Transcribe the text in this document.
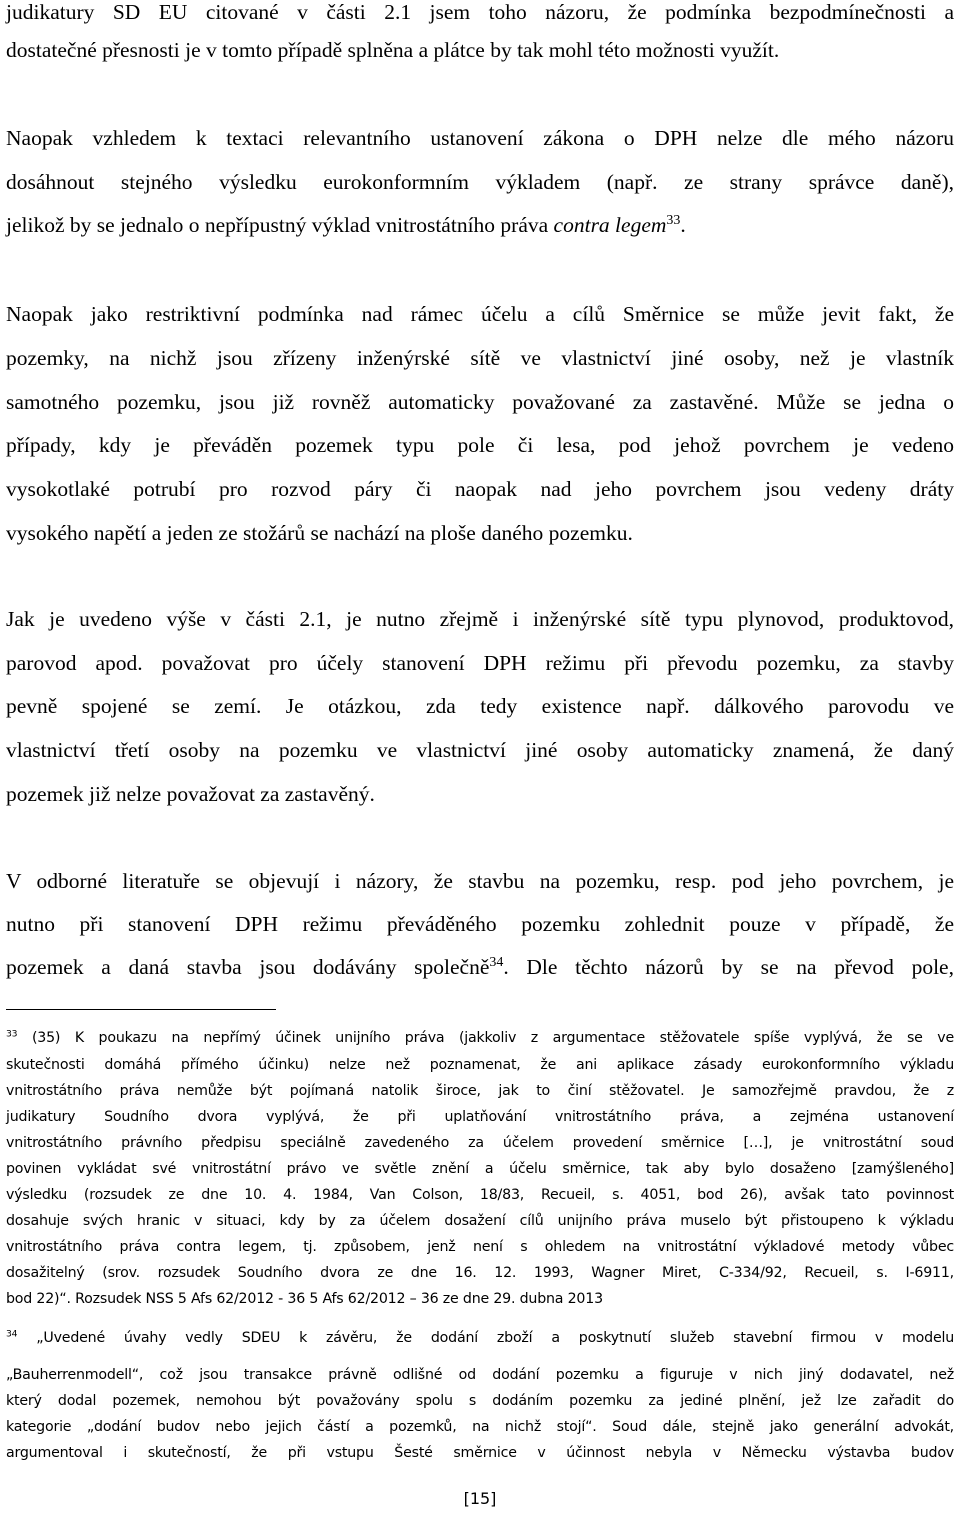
judikatury SD EU citované v části 2.1 jsem toho názoru, že podmínka bezpodmínečnosti a
dostatečné přesnosti je v tomto případě splněna a plátce by tak mohl této možnosti využít.
Naopak vzhledem k textaci relevantního ustanovení zákona o DPH nelze dle mého názoru
dosáhnout stejného výsledku eurokonformním výkladem (např. ze strany správce daně),
jelikož by se jednalo o nepřípustný výklad vnitrostátního práva contra legem$^{33}$.
Naopak jako restriktivní podmínka nad rámec účelu a cílů Směrnice se může jevit fakt, že
pozemky, na nichž jsou zřízeny inženýrské sítě ve vlastnictví jiné osoby, než je vlastník
samotného pozemku, jsou již rovněž automaticky považované za zastavěné. Může se jedna o
případy, kdy je převáděn pozemek typu pole či lesa, pod jehož povrchem je vedeno
vysokotlaké potrubí pro rozvod páry či naopak nad jeho povrchem jsou vedeny dráty
vysokého napětí a jeden ze stožárů se nachází na ploše daného pozemku.
Jak je uvedeno výše v části 2.1, je nutno zřejmě i inženýrské sítě typu plynovod, produktovod,
parovod apod. považovat pro účely stanovení DPH režimu při převodu pozemku, za stavby
pevně spojené se zemí. Je otázkou, zda tedy existence např. dálkového parovodu ve
vlastnictví třetí osoby na pozemku ve vlastnictví jiné osoby automaticky znamená, že daný
pozemek již nelze považovat za zastavěný.
V odborné literatuře se objevují i názory, že stavbu na pozemku, resp. pod jeho povrchem, je
nutno při stanovení DPH režimu převáděného pozemku zohlednit pouze v případě, že
pozemek a daná stavba jsou dodávány společně$^{34}$. Dle těchto názorů by se na převod pole,
$^{33}$ (35) K poukazu na nepřímý účinek unijního práva (jakkoliv z argumentace stěžovatele spíše vyplývá, že se ve
skutečnosti domáhá přímého účinku) nelze než poznamenat, že ani aplikace zásady eurokonformního výkladu
vnitrostátního práva nemůže být pojímaná natolik široce, jak to činí stěžovatel. Je samozřejmě pravdou, že z
judikatury Soudního dvora vyplývá, že při uplatňování vnitrostátního práva, a zejména ustanovení
vnitrostátního právního předpisu speciálně zavedeného za účelem provedení směrnice […], je vnitrostátní soud
povinen vykládat své vnitrostátní právo ve světle znění a účelu směrnice, tak aby bylo dosaženo [zamýšleného]
výsledku (rozsudek ze dne 10. 4. 1984, Van Colson, 18/83, Recueil, s. 4051, bod 26), avšak tato povinnost
dosahuje svých hranic v situaci, kdy by za účelem dosažení cílů unijního práva muselo být přistoupeno k výkladu
vnitrostátního práva contra legem, tj. způsobem, jenž není s ohledem na vnitrostátní výkladové metody vůbec
dosažitelný (srov. rozsudek Soudního dvora ze dne 16. 12. 1993, Wagner Miret, C-334/92, Recueil, s. I-6911,
bod 22)“. Rozsudek NSS 5 Afs 62/2012 - 36 5 Afs 62/2012 – 36 ze dne 29. dubna 2013
$^{34}$ „Uvedené úvahy vedly SDEU k závěru, že dodání zboží a poskytnutí služeb stavební firmou v modelu
„Bauherrenmodell“, což jsou transakce právně odlišné od dodání pozemku a figuruje v nich jiný dodavatel, než
který dodal pozemek, nemohou být považovány spolu s dodáním pozemku za jediné plnění, jež lze zařadit do
kategorie „dodání budov nebo jejich částí a pozemků, na nichž stojí“. Soud dále, stejně jako generální advokát,
argumentoval i skutečností, že při vstupu Šesté směrnice v účinnost nebyla v Německu výstavba budov
[15]
